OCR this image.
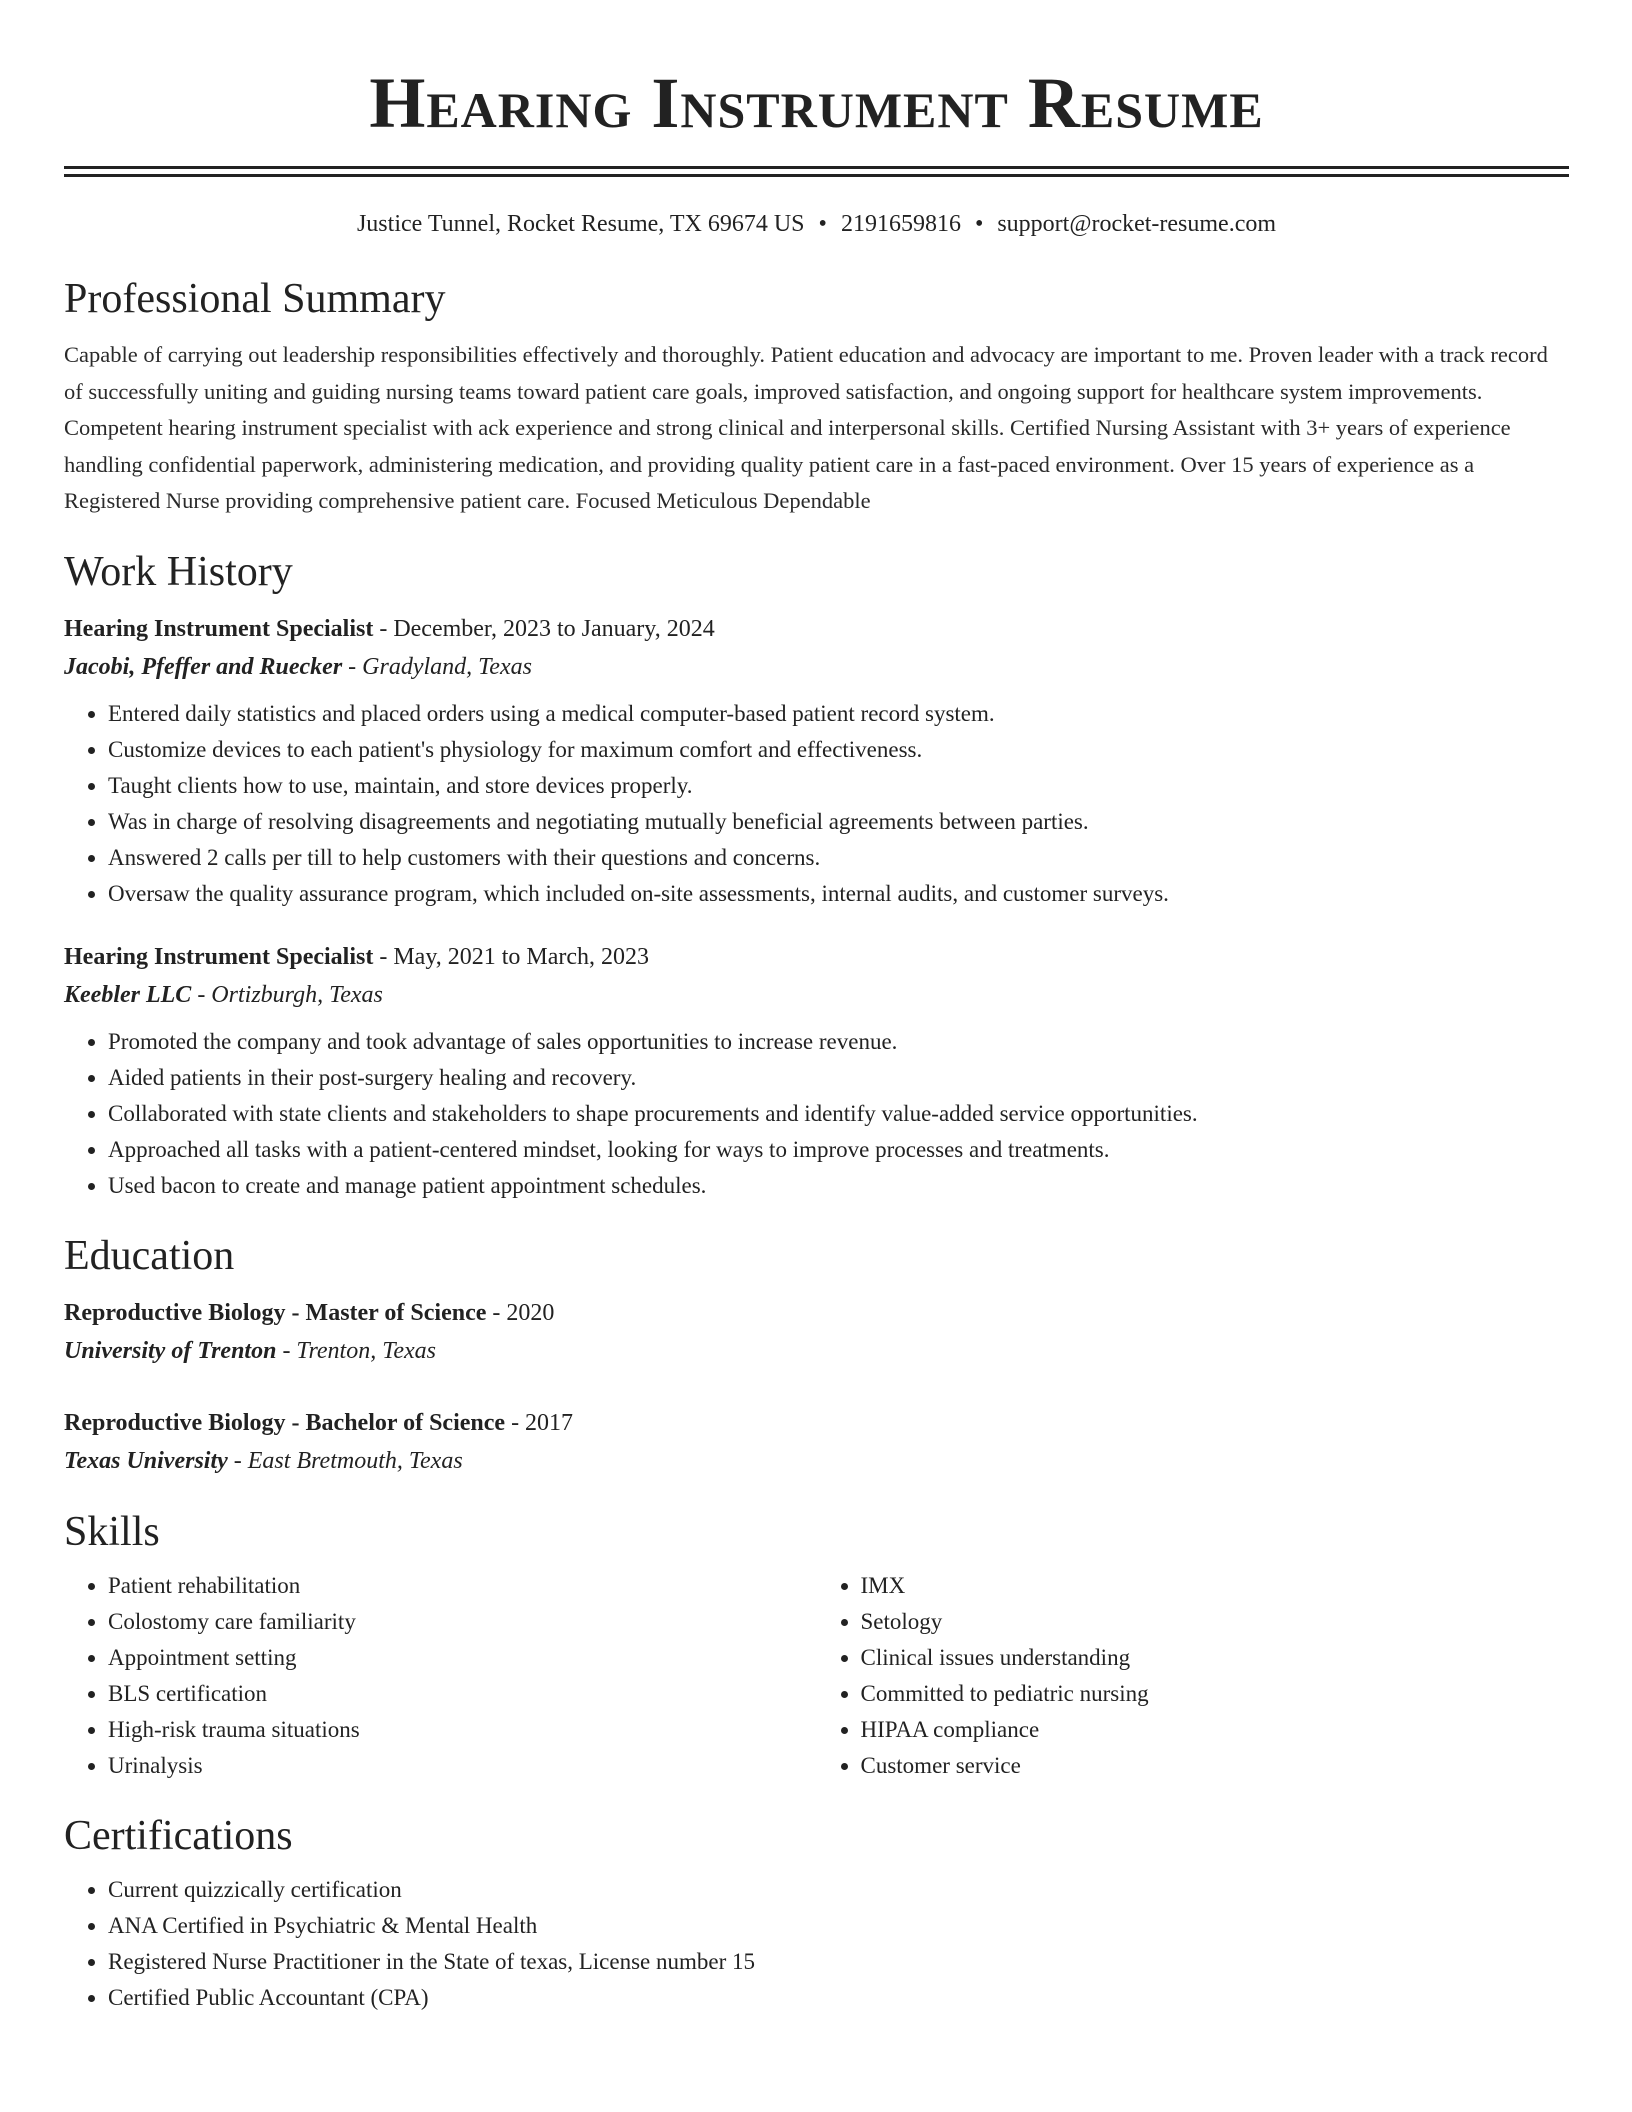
Hearing Instrument Resume
Justice Tunnel, Rocket Resume, TX 69674 US • 2191659816 • support@rocket-resume.com
Professional Summary

Capable of carrying out leadership responsibilities effectively and thoroughly. Patient education and advocacy are important to me. Proven leader with a track record of successfully uniting and guiding nursing teams toward patient care goals, improved satisfaction, and ongoing support for healthcare system improvements. Competent hearing instrument specialist with ack experience and strong clinical and interpersonal skills. Certified Nursing Assistant with 3+ years of experience handling confidential paperwork, administering medication, and providing quality patient care in a fast-paced environment. Over 15 years of experience as a Registered Nurse providing comprehensive patient care. Focused Meticulous Dependable

Work History
Hearing Instrument Specialist - December, 2023 to January, 2024
Jacobi, Pfeffer and Ruecker - Gradyland, Texas
• Entered daily statistics and placed orders using a medical computer-based patient record system.
• Customize devices to each patient's physiology for maximum comfort and effectiveness.
• Taught clients how to use, maintain, and store devices properly.
• Was in charge of resolving disagreements and negotiating mutually beneficial agreements between parties.
• Answered 2 calls per till to help customers with their questions and concerns.
• Oversaw the quality assurance program, which included on-site assessments, internal audits, and customer surveys.
Hearing Instrument Specialist - May, 2021 to March, 2023
Keebler LLC - Ortizburgh, Texas
• Promoted the company and took advantage of sales opportunities to increase revenue.
• Aided patients in their post-surgery healing and recovery.
• Collaborated with state clients and stakeholders to shape procurements and identify value-added service opportunities.
• Approached all tasks with a patient-centered mindset, looking for ways to improve processes and treatments.
• Used bacon to create and manage patient appointment schedules.
Education
Reproductive Biology - Master of Science - 2020
University of Trenton - Trenton, Texas
Reproductive Biology - Bachelor of Science - 2017
Texas University - East Bretmouth, Texas
Skills
• Patient rehabilitation
• Colostomy care familiarity
• Appointment setting
• BLS certification
• High-risk trauma situations
• Urinalysis
• IMX
• Setology
• Clinical issues understanding
• Committed to pediatric nursing
• HIPAA compliance
• Customer service
Certifications
• Current quizzically certification
• ANA Certified in Psychiatric & Mental Health
• Registered Nurse Practitioner in the State of texas, License number 15
• Certified Public Accountant (CPA)
